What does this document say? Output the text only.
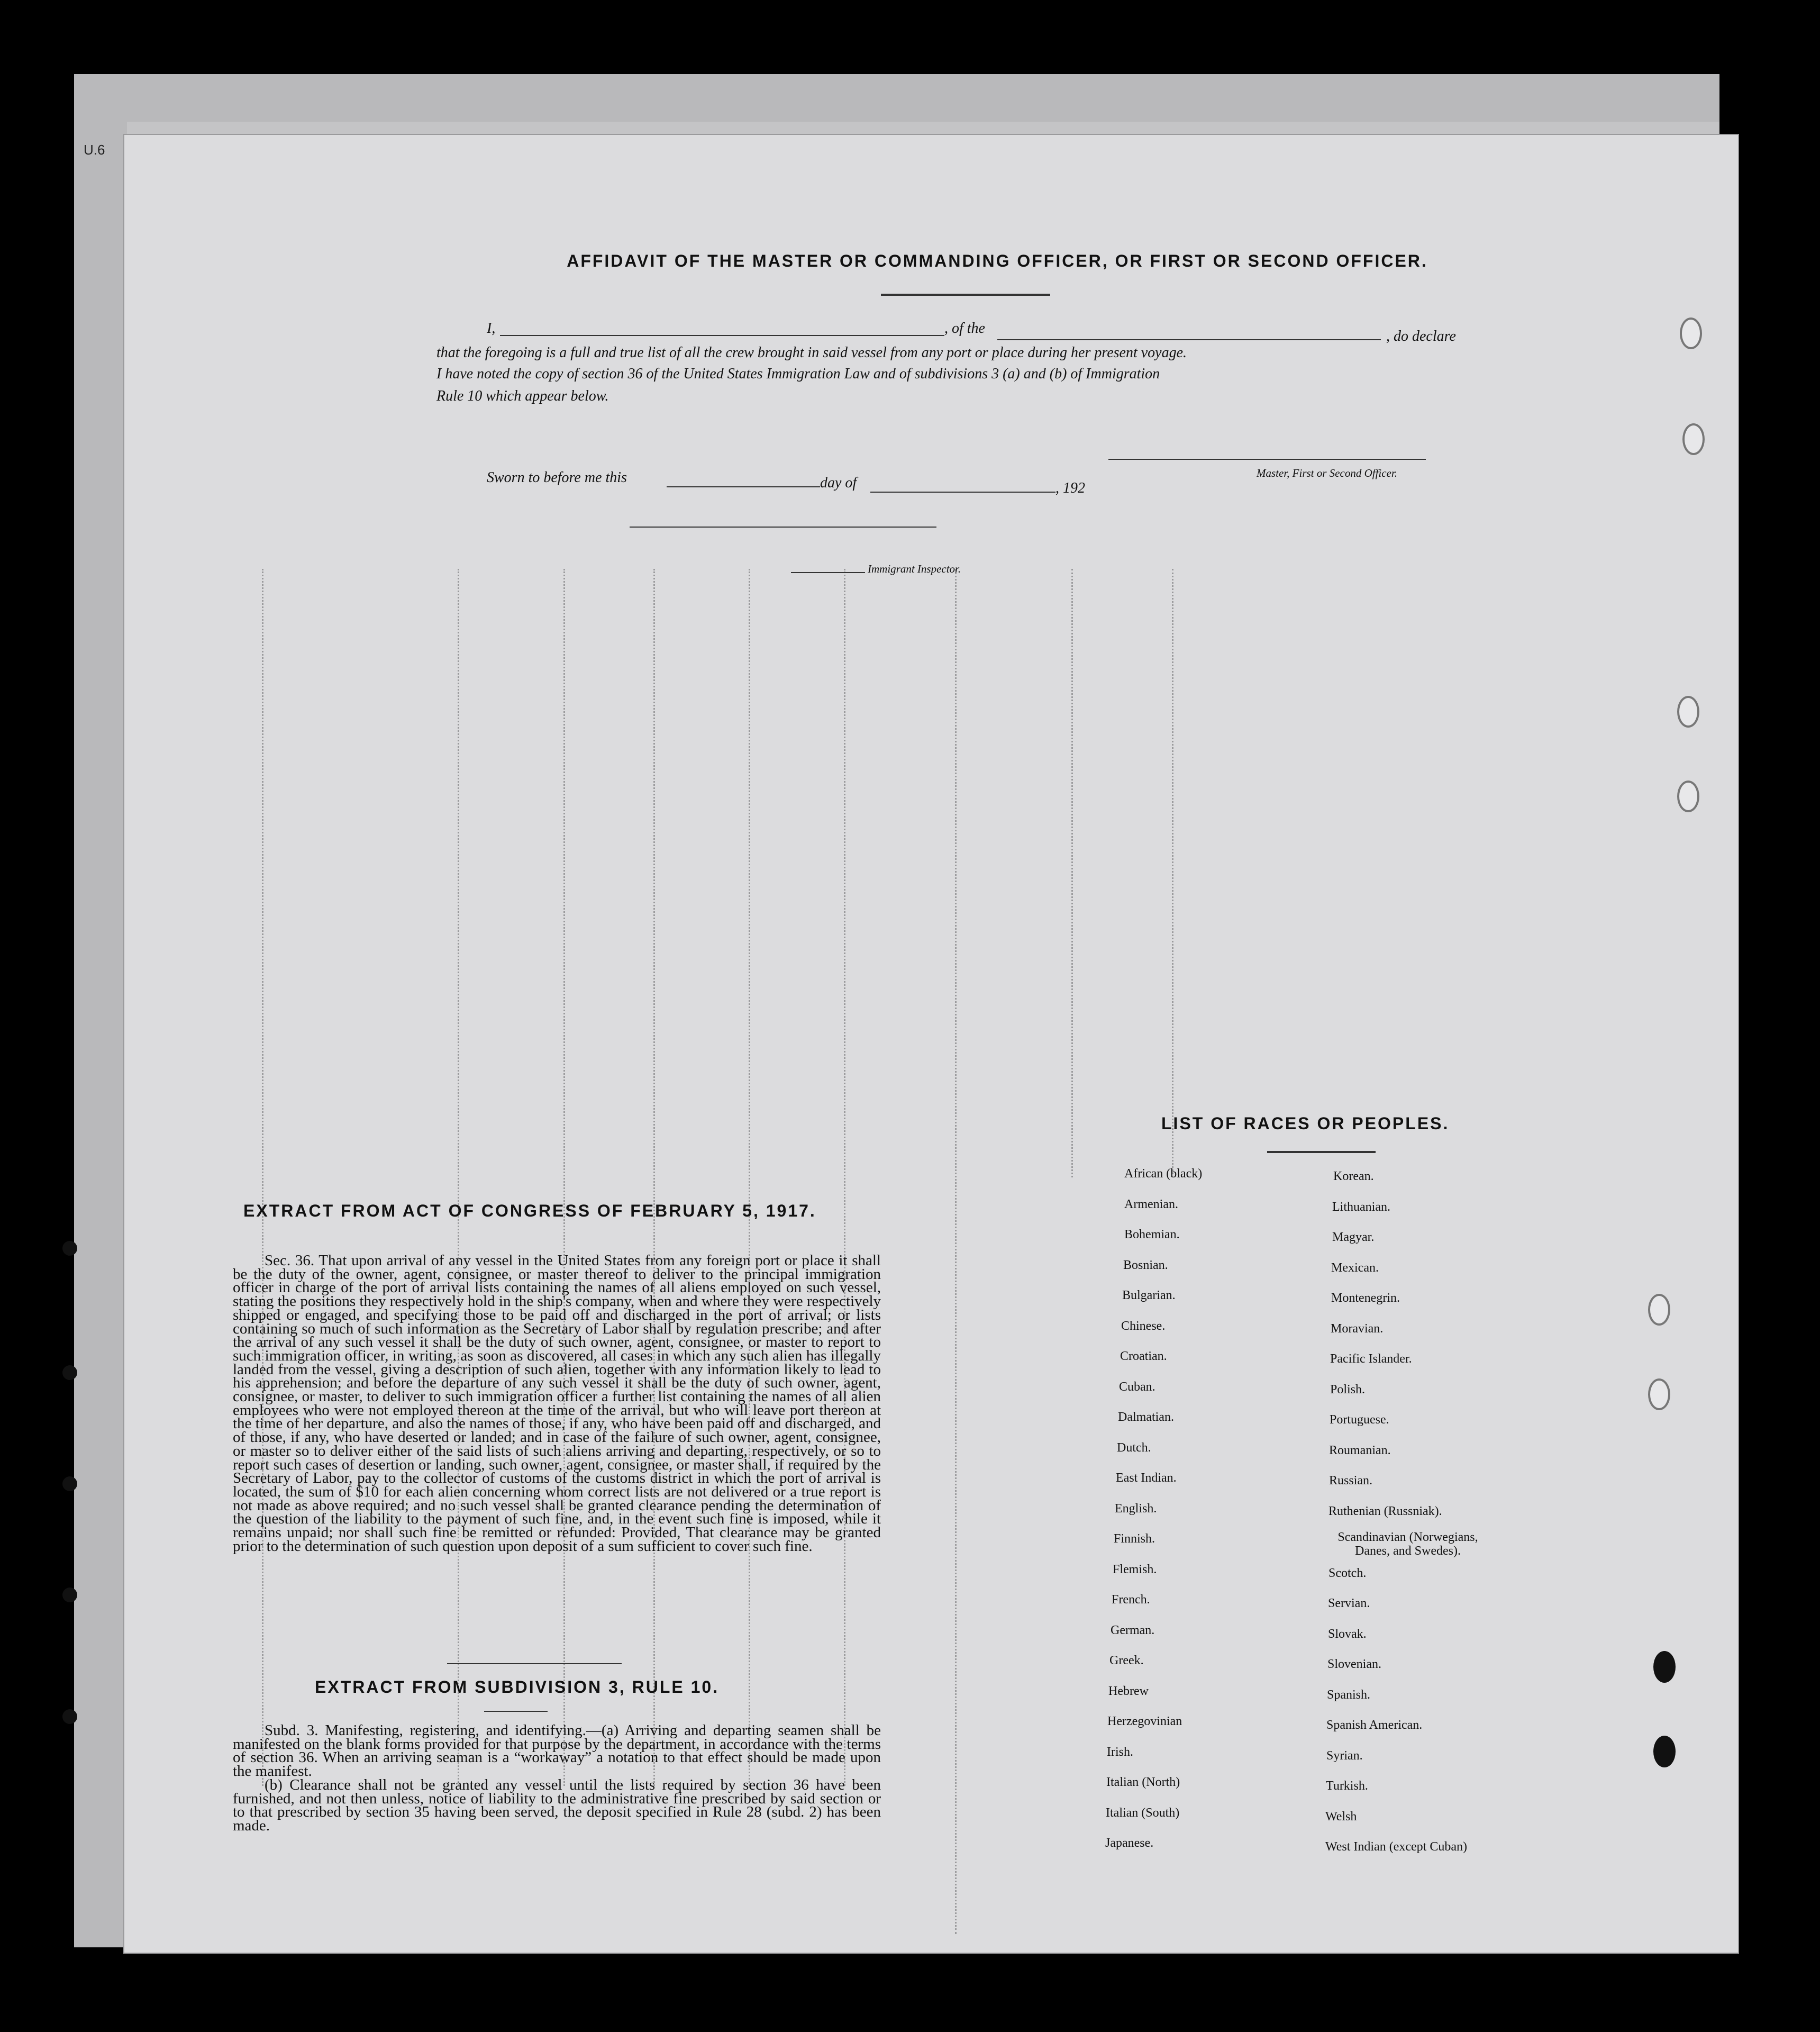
U.6
AFFIDAVIT OF THE MASTER OR COMMANDING OFFICER, OR FIRST OR SECOND OFFICER.
I,	, of the	, do declare
that the foregoing is a full and true list of all the crew brought in said vessel from any port or place during her present voyage.
I have noted the copy of section 36 of the United States Immigration Law and of subdivisions 3 (a) and (b) of Immigration
Rule 10 which appear below.
Master, First or Second Officer.
Sworn to before me this	day of	, 192
Immigrant Inspector.
EXTRACT FROM ACT OF CONGRESS OF FEBRUARY 5, 1917.

Sec. 36. That upon arrival of any vessel in the United States from any foreign port or place it shall be the duty of the owner, agent, consignee, or master thereof to deliver to the principal immigration officer in charge of the port of arrival lists containing the names of all aliens employed on such vessel, stating the positions they respectively hold in the ship's company, when and where they were respectively shipped or engaged, and specifying those to be paid off and discharged in the port of arrival; or lists containing so much of such information as the Secretary of Labor shall by regulation prescribe; and after the arrival of any such vessel it shall be the duty of such owner, agent, consignee, or master to report to such immigration officer, in writing, as soon as discovered, all cases in which any such alien has illegally landed from the vessel, giving a description of such alien, together with any information likely to lead to his apprehension; and before the departure of any such vessel it shall be the duty of such owner, agent, consignee, or master, to deliver to such immigration officer a further list containing the names of all alien employees who were not employed thereon at the time of the arrival, but who will leave port thereon at the time of her departure, and also the names of those, if any, who have been paid off and discharged, and of those, if any, who have deserted or landed; and in case of the failure of such owner, agent, consignee, or master so to deliver either of the said lists of such aliens arriving and departing, respectively, or so to report such cases of desertion or landing, such owner, agent, consignee, or master shall, if required by the Secretary of Labor, pay to the collector of customs of the customs district in which the port of arrival is located, the sum of $10 for each alien concerning whom correct lists are not delivered or a true report is not made as above required; and no such vessel shall be granted clearance pending the determination of the question of the liability to the payment of such fine, and, in the event such fine is imposed, while it remains unpaid; nor shall such fine be remitted or refunded: Provided, That clearance may be granted prior to the determination of such question upon deposit of a sum sufficient to cover such fine.

EXTRACT FROM SUBDIVISION 3, RULE 10.

Subd. 3. Manifesting, registering, and identifying.—(a) Arriving and departing seamen shall be manifested on the blank forms provided for that purpose by the department, in accordance with the terms of section 36. When an arriving seaman is a “workaway” a notation to that effect should be made upon the manifest.

(b) Clearance shall not be granted any vessel until the lists required by section 36 have been furnished, and not then unless, notice of liability to the administrative fine prescribed by said section or to that prescribed by section 35 having been served, the deposit specified in Rule 28 (subd. 2) has been made.

LIST OF RACES OR PEOPLES.
African (black)
Armenian.
Bohemian.
Bosnian.
Bulgarian.
Chinese.
Croatian.
Cuban.
Dalmatian.
Dutch.
East Indian.
English.
Finnish.
Flemish.
French.
German.
Greek.
Hebrew
Herzegovinian
Irish.
Italian (North)
Italian (South)
Japanese.
Korean.
Lithuanian.
Magyar.
Mexican.
Montenegrin.
Moravian.
Pacific Islander.
Polish.
Portuguese.
Roumanian.
Russian.
Ruthenian (Russniak).
Scandinavian (Norwegians, Danes, and Swedes).
Scotch.
Servian.
Slovak.
Slovenian.
Spanish.
Spanish American.
Syrian.
Turkish.
Welsh
West Indian (except Cuban)
